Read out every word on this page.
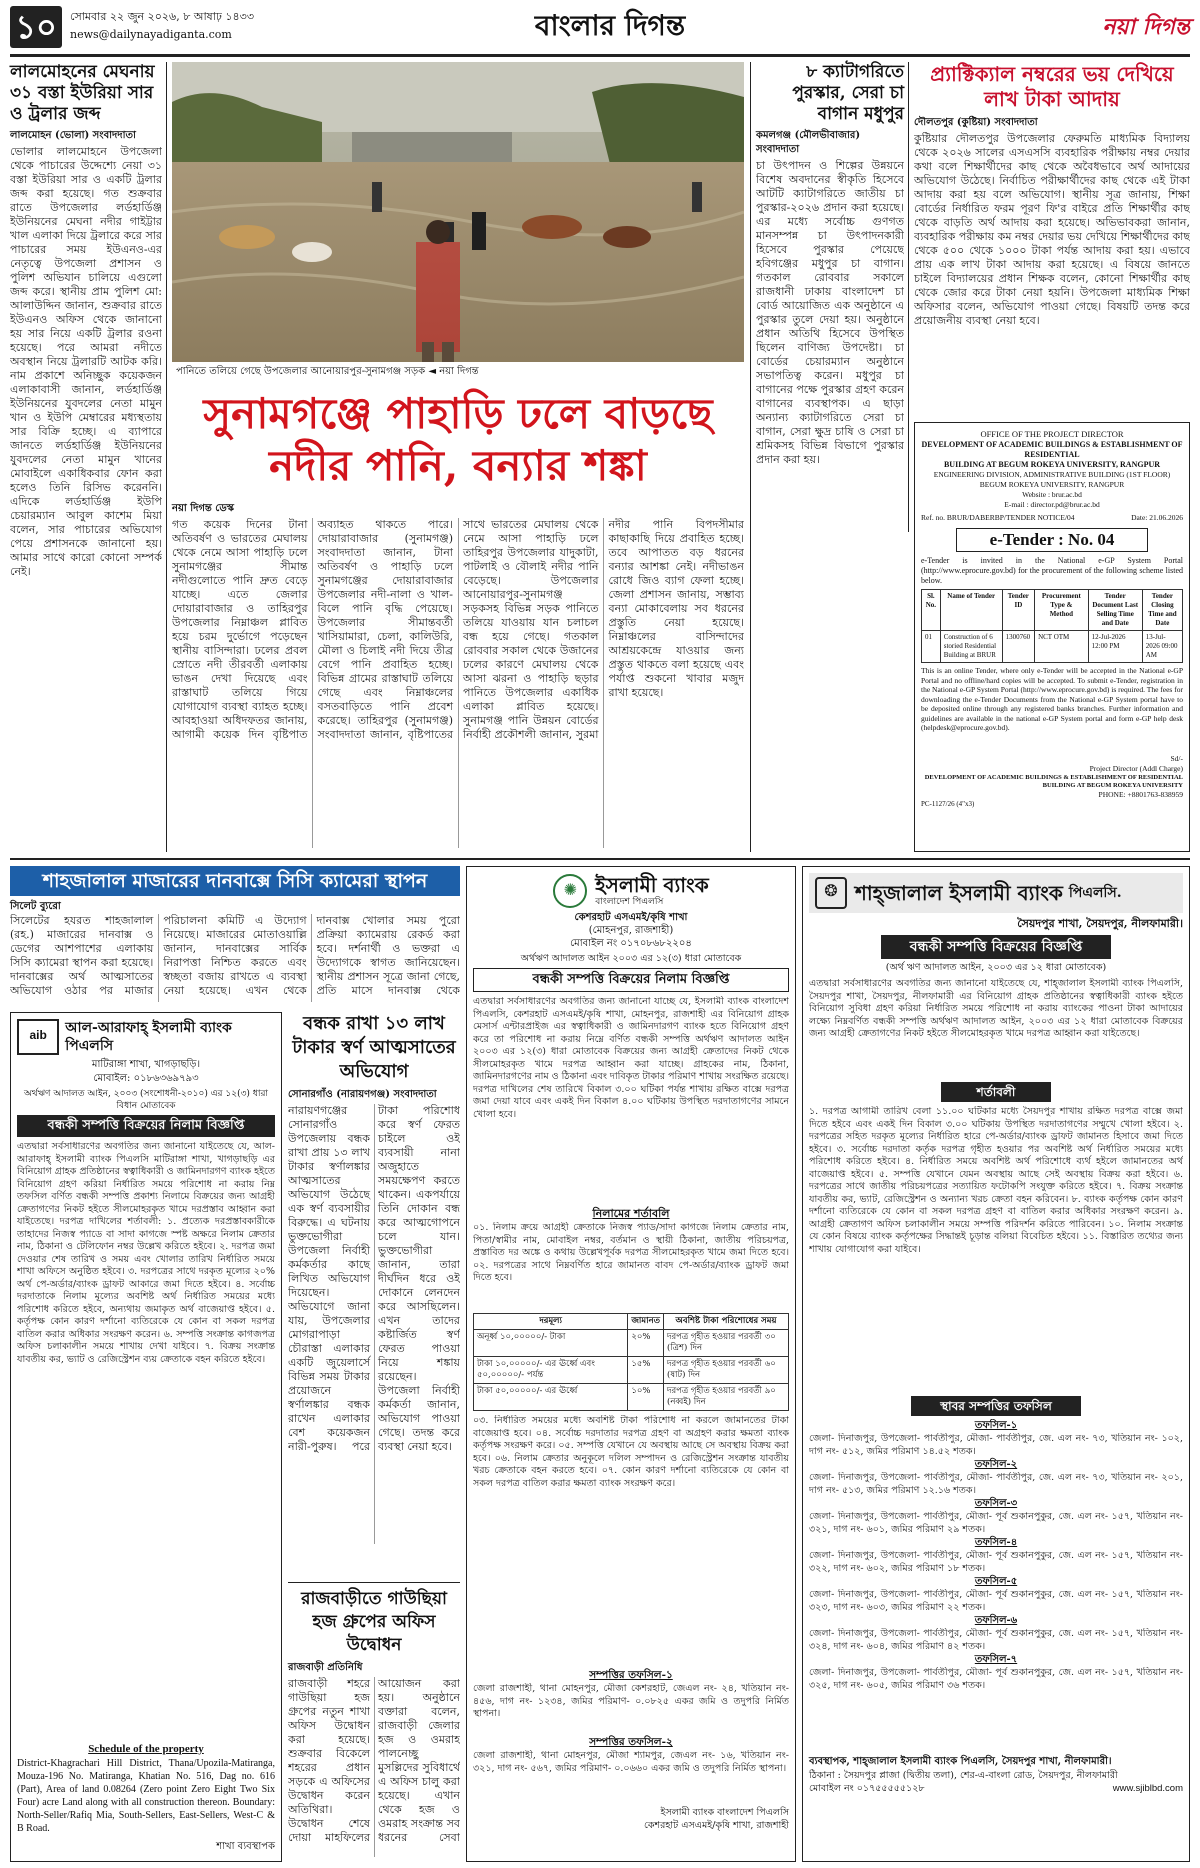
১০	সোমবার ২২ জুন ২০২৬, ৮ আষাঢ় ১৪৩৩
news@dailynayadiganta.com	বাংলার দিগন্ত	নয়া দিগন্ত
লালমোহনের মেঘনায় ৩১ বস্তা ইউরিয়া সার ও ট্রলার জব্দ
লালমোহন (ভোলা) সংবাদদাতা
ভোলার লালমোহনে উপজেলা থেকে পাচারের উদ্দেশ্যে নেয়া ৩১ বস্তা ইউরিয়া সার ও একটি ট্রলার জব্দ করা হয়েছে। গত শুক্রবার রাতে উপজেলার লর্ডহার্ডিঞ্জ ইউনিয়নের মেঘনা নদীর গাইট্টার খাল এলাকা দিয়ে ট্রলারে করে সার পাচারের সময় ইউএনও-এর নেতৃত্বে উপজেলা প্রশাসন ও পুলিশ অভিযান চালিয়ে এগুলো জব্দ করে। স্থানীয় প্রাম পুলিশ মো: আলাউদ্দিন জানান, শুক্রবার রাতে ইউএনও অফিস থেকে জানানো হয় সার নিয়ে একটি ট্রলার রওনা হয়েছে। পরে আমরা নদীতে অবস্থান নিয়ে ট্রলারটি আটক করি। নাম প্রকাশে অনিচ্ছুক কয়েকজন এলাকাবাসী জানান, লর্ডহার্ডিঞ্জ ইউনিয়নের যুবদলের নেতা মামুন খান ও ইউপি মেম্বারের মধ্যস্থতায় সার বিক্রি হচ্ছে। এ ব্যাপারে জানতে লর্ডহার্ডিঞ্জ ইউনিয়নের যুবদলের নেতা মামুন খানের মোবাইলে একাধিকবার ফোন করা হলেও তিনি রিসিভ করেননি। এদিকে লর্ডহার্ডিঞ্জ ইউপি চেয়ারম্যান আবুল কাশেম মিয়া বলেন, সার পাচারের অভিযোগ পেয়ে প্রশাসনকে জানানো হয়। আমার সাথে কারো কোনো সম্পর্ক নেই।
পানিতে তলিয়ে গেছে উপজেলার আনোয়ারপুর-সুনামগঞ্জ সড়ক ◄ নয়া দিগন্ত
সুনামগঞ্জে পাহাড়ি ঢলে বাড়ছে
নদীর পানি, বন্যার শঙ্কা
নয়া দিগন্ত ডেস্ক
গত কয়েক দিনের টানা অতিবর্ষণ ও ভারতের মেঘালয় থেকে নেমে আসা পাহাড়ি ঢলে সুনামগঞ্জের সীমান্ত নদীগুলোতে পানি দ্রুত বেড়ে যাচ্ছে। এতে জেলার দোয়ারাবাজার ও তাহিরপুর উপজেলার নিম্নাঞ্চল প্লাবিত হয়ে চরম দুর্ভোগে পড়েছেন স্থানীয় বাসিন্দারা। ঢলের প্রবল স্রোতে নদী তীরবর্তী এলাকায় ভাঙন দেখা দিয়েছে এবং রাস্তাঘাট তলিয়ে গিয়ে যোগাযোগ ব্যবস্থা ব্যাহত হচ্ছে। আবহাওয়া অধিদফতর জানায়, আগামী কয়েক দিন বৃষ্টিপাত অব্যাহত থাকতে পারে। দোয়ারাবাজার (সুনামগঞ্জ) সংবাদদাতা জানান, টানা অতিবর্ষণ ও পাহাড়ি ঢলে সুনামগঞ্জের দোয়ারাবাজার উপজেলার নদী-নালা ও খাল-বিলে পানি বৃদ্ধি পেয়েছে। উপজেলার সীমান্তবর্তী খাসিয়ামারা, চেলা, কালিউরি, মৌলা ও চিলাই নদী দিয়ে তীব্র বেগে পানি প্রবাহিত হচ্ছে। বিভিন্ন গ্রামের রাস্তাঘাট তলিয়ে গেছে এবং নিম্নাঞ্চলের বসতবাড়িতে পানি প্রবেশ করেছে। তাহিরপুর (সুনামগঞ্জ) সংবাদদাতা জানান, বৃষ্টিপাতের সাথে ভারতের মেঘালয় থেকে নেমে আসা পাহাড়ি ঢলে তাহিরপুর উপজেলার যাদুকাটা, পাটলাই ও বৌলাই নদীর পানি বেড়েছে। উপজেলার আনোয়ারপুর-সুনামগঞ্জ সড়কসহ বিভিন্ন সড়ক পানিতে তলিয়ে যাওয়ায় যান চলাচল বন্ধ হয়ে গেছে। গতকাল রোববার সকাল থেকে উজানের ঢলের কারণে মেঘালয় থেকে আসা ঝরনা ও পাহাড়ি ছড়ার পানিতে উপজেলার একাধিক এলাকা প্লাবিত হয়েছে। সুনামগঞ্জ পানি উন্নয়ন বোর্ডের নির্বাহী প্রকৌশলী জানান, সুরমা নদীর পানি বিপদসীমার কাছাকাছি দিয়ে প্রবাহিত হচ্ছে। তবে আপাতত বড় ধরনের বন্যার আশঙ্কা নেই। নদীভাঙন রোধে জিও ব্যাগ ফেলা হচ্ছে। জেলা প্রশাসন জানায়, সম্ভাব্য বন্যা মোকাবেলায় সব ধরনের প্রস্তুতি নেয়া হয়েছে। নিম্নাঞ্চলের বাসিন্দাদের আশ্রয়কেন্দ্রে যাওয়ার জন্য প্রস্তুত থাকতে বলা হয়েছে এবং পর্যাপ্ত শুকনো খাবার মজুদ রাখা হয়েছে।
৮ ক্যাটাগরিতে পুরস্কার, সেরা চা বাগান মধুপুর
কমলগঞ্জ (মৌলভীবাজার) সংবাদদাতা
চা উৎপাদন ও শিল্পের উন্নয়নে বিশেষ অবদানের স্বীকৃতি হিসেবে আটটি ক্যাটাগরিতে জাতীয় চা পুরস্কার-২০২৬ প্রদান করা হয়েছে। এর মধ্যে সর্বোচ্চ গুণগত মানসম্পন্ন চা উৎপাদনকারী হিসেবে পুরস্কার পেয়েছে হবিগঞ্জের মধুপুর চা বাগান। গতকাল রোববার সকালে রাজধানী ঢাকায় বাংলাদেশ চা বোর্ড আয়োজিত এক অনুষ্ঠানে এ পুরস্কার তুলে দেয়া হয়। অনুষ্ঠানে প্রধান অতিথি হিসেবে উপস্থিত ছিলেন বাণিজ্য উপদেষ্টা। চা বোর্ডের চেয়ারম্যান অনুষ্ঠানে সভাপতিত্ব করেন। মধুপুর চা বাগানের পক্ষে পুরস্কার গ্রহণ করেন বাগানের ব্যবস্থাপক। এ ছাড়া অন্যান্য ক্যাটাগরিতে সেরা চা বাগান, সেরা ক্ষুদ্র চাষি ও সেরা চা শ্রমিকসহ বিভিন্ন বিভাগে পুরস্কার প্রদান করা হয়।
প্র্যাক্টিক্যাল নম্বরের ভয় দেখিয়ে লাখ টাকা আদায়
দৌলতপুর (কুষ্টিয়া) সংবাদদাতা
কুষ্টিয়ার দৌলতপুর উপজেলার ফেরুমতি মাধ্যমিক বিদ্যালয় থেকে ২০২৬ সালের এসএসসি ব্যবহারিক পরীক্ষায় নম্বর দেয়ার কথা বলে শিক্ষার্থীদের কাছ থেকে অবৈধভাবে অর্থ আদায়ের অভিযোগ উঠেছে। নির্বাচিত পরীক্ষার্থীদের কাছ থেকে এই টাকা আদায় করা হয় বলে অভিযোগ। স্থানীয় সূত্র জানায়, শিক্ষা বোর্ডের নির্ধারিত ফরম পূরণ ফি'র বাইরে প্রতি শিক্ষার্থীর কাছ থেকে বাড়তি অর্থ আদায় করা হয়েছে। অভিভাবকরা জানান, ব্যবহারিক পরীক্ষায় কম নম্বর দেয়ার ভয় দেখিয়ে শিক্ষার্থীদের কাছ থেকে ৫০০ থেকে ১০০০ টাকা পর্যন্ত আদায় করা হয়। এভাবে প্রায় এক লাখ টাকা আদায় করা হয়েছে। এ বিষয়ে জানতে চাইলে বিদ্যালয়ের প্রধান শিক্ষক বলেন, কোনো শিক্ষার্থীর কাছ থেকে জোর করে টাকা নেয়া হয়নি। উপজেলা মাধ্যমিক শিক্ষা অফিসার বলেন, অভিযোগ পাওয়া গেছে। বিষয়টি তদন্ত করে প্রয়োজনীয় ব্যবস্থা নেয়া হবে।
OFFICE OF THE PROJECT DIRECTOR
DEVELOPMENT OF ACADEMIC BUILDINGS & ESTABLISHMENT OF RESIDENTIAL
BUILDING AT BEGUM ROKEYA UNIVERSITY, RANGPUR
ENGINEERING DIVISION, ADMINISTRATIVE BUILDING (1ST FLOOR)
BEGUM ROKEYA UNIVERSITY, RANGPUR
Website : brur.ac.bd
E-mail : director.pd@brur.ac.bd
Ref. no. BRUR/DABERBP/TENDER NOTICE/04	Date: 21.06.2026
e-Tender : No. 04
e-Tender is invited in the National e-GP System Portal (http://www.eprocure.gov.bd) for the procurement of the following scheme listed below.
Sl. No.	Name of Tender	Tender ID	Procurement Type & Method	Tender Document Last Selling Time and Date	Tender Closing Time and Date
01	Construction of 6 storied Residential Building at BRUR	1300760	NCT OTM	12-Jul-2026 12:00 PM	13-Jul-2026 09:00 AM
This is an online Tender, where only e-Tender will be accepted in the National e-GP Portal and no offline/hard copies will be accepted. To submit e-Tender, registration in the National e-GP System Portal (http://www.eprocure.gov.bd) is required. The fees for downloading the e-Tender Documents from the National e-GP System portal have to be deposited online through any registered banks branches. Further information and guidelines are available in the national e-GP System portal and form e-GP help desk (helpdesk@eprocure.gov.bd).
Sd/-
Project Director (Addl Charge)
DEVELOPMENT OF ACADEMIC BUILDINGS & ESTABLISHMENT OF RESIDENTIAL BUILDING AT BEGUM ROKEYA UNIVERSITY
PHONE: +880176З-838959
PC-1127/26 (4"x3)
শাহজালাল মাজারের দানবাক্সে সিসি ক্যামেরা স্থাপন
সিলেট ব্যুরো
সিলেটের হযরত শাহজালাল (রহ.) মাজারের দানবাক্স ও ডেগের আশপাশের এলাকায় সিসি ক্যামেরা স্থাপন করা হয়েছে। দানবাক্সের অর্থ আত্মসাতের অভিযোগ ওঠার পর মাজার পরিচালনা কমিটি এ উদ্যোগ নিয়েছে। মাজারের মোতাওয়াল্লি জানান, দানবাক্সের সার্বিক নিরাপত্তা নিশ্চিত করতে এবং স্বচ্ছতা বজায় রাখতে এ ব্যবস্থা নেয়া হয়েছে। এখন থেকে দানবাক্স খোলার সময় পুরো প্রক্রিয়া ক্যামেরায় রেকর্ড করা হবে। দর্শনার্থী ও ভক্তরা এ উদ্যোগকে স্বাগত জানিয়েছেন। স্থানীয় প্রশাসন সূত্রে জানা গেছে, প্রতি মাসে দানবাক্স থেকে
aib	আল-আরাফাহ্ ইসলামী ব্যাংক পিএলসি
মাটিরাঙ্গা শাখা, খাগড়াছড়ি।
মোবাইল: ০১৮৬৩৬৯৭৯৩
অর্থঋণ আদালত আইন, ২০০৩ (সংশোধনী-২০১০) এর ১২(৩) ধারা বিধান মোতাবেক
বন্ধকী সম্পত্তি বিক্রয়ের নিলাম বিজ্ঞপ্তি
এতদ্বারা সর্বসাধারণের অবগতির জন্য জানানো যাইতেছে যে, আল-আরাফাহ্ ইসলামী ব্যাংক পিএলসি মাটিরাঙ্গা শাখা, খাগড়াছড়ি এর বিনিয়োগ গ্রাহক প্রতিষ্ঠানের স্বত্বাধিকারী ও জামিনদারগণ ব্যাংক হইতে বিনিয়োগ গ্রহণ করিয়া নির্ধারিত সময়ে পরিশোধ না করায় নিম্ন তফসিল বর্ণিত বন্ধকী সম্পত্তি প্রকাশ্য নিলামে বিক্রয়ের জন্য আগ্রহী ক্রেতাগণের নিকট হইতে সীলমোহরকৃত খামে দরপ্রস্তাব আহ্বান করা যাইতেছে। দরপত্র দাখিলের শর্তাবলী: ১. প্রত্যেক দরপ্রস্তাবকারীকে তাহাদের নিজস্ব প্যাডে বা সাদা কাগজে স্পষ্ট অক্ষরে নিলাম ক্রেতার নাম, ঠিকানা ও টেলিফোন নম্বর উল্লেখ করিতে হইবে। ২. দরপত্র জমা দেওয়ার শেষ তারিখ ও সময় এবং খোলার তারিখ নির্ধারিত সময়ে শাখা অফিসে অনুষ্ঠিত হইবে। ৩. দরপত্রের সাথে দরকৃত মূল্যের ২০% অর্থ পে-অর্ডার/ব্যাংক ড্রাফট আকারে জমা দিতে হইবে। ৪. সর্বোচ্চ দরদাতাকে নিলাম মূল্যের অবশিষ্ট অর্থ নির্ধারিত সময়ের মধ্যে পরিশোধ করিতে হইবে, অন্যথায় জমাকৃত অর্থ বাজেয়াপ্ত হইবে। ৫. কর্তৃপক্ষ কোন কারণ দর্শানো ব্যতিরেকে যে কোন বা সকল দরপত্র বাতিল করার অধিকার সংরক্ষণ করেন। ৬. সম্পত্তি সংক্রান্ত কাগজপত্র অফিস চলাকালীন সময়ে শাখায় দেখা যাইবে। ৭. বিক্রয় সংক্রান্ত যাবতীয় কর, ভ্যাট ও রেজিস্ট্রেশন ব্যয় ক্রেতাকে বহন করিতে হইবে।
Schedule of the property
District-Khagrachari Hill District, Thana/Upozila-Matiranga, Mouza-196 No. Matiranga, Khatian No. 516, Dag no. 616 (Part), Area of land 0.08264 (Zero point Zero Eight Two Six Four) acre Land along with all construction thereon. Boundary: North-Seller/Rafiq Mia, South-Sellers, East-Sellers, West-C & B Road.
শাখা ব্যবস্থাপক
বন্ধক রাখা ১৩ লাখ টাকার স্বর্ণ আত্মসাতের অভিযোগ
সোনারগাঁও (নারায়ণগঞ্জ) সংবাদদাতা
নারায়ণগঞ্জের সোনারগাঁও উপজেলায় বন্ধক রাখা প্রায় ১৩ লাখ টাকার স্বর্ণালঙ্কার আত্মসাতের অভিযোগ উঠেছে এক স্বর্ণ ব্যবসায়ীর বিরুদ্ধে। এ ঘটনায় ভুক্তভোগীরা উপজেলা নির্বাহী কর্মকর্তার কাছে লিখিত অভিযোগ দিয়েছেন। অভিযোগে জানা যায়, উপজেলার মোগরাপাড়া চৌরাস্তা এলাকার একটি জুয়েলার্সে বিভিন্ন সময় টাকার প্রয়োজনে স্বর্ণালঙ্কার বন্ধক রাখেন এলাকার বেশ কয়েকজন নারী-পুরুষ। পরে টাকা পরিশোধ করে স্বর্ণ ফেরত চাইলে ওই ব্যবসায়ী নানা অজুহাতে সময়ক্ষেপণ করতে থাকেন। একপর্যায়ে তিনি দোকান বন্ধ করে আত্মগোপনে চলে যান। ভুক্তভোগীরা জানান, তারা দীর্ঘদিন ধরে ওই দোকানে লেনদেন করে আসছিলেন। এখন তাদের কষ্টার্জিত স্বর্ণ ফেরত পাওয়া নিয়ে শঙ্কায় রয়েছেন। উপজেলা নির্বাহী কর্মকর্তা জানান, অভিযোগ পাওয়া গেছে। তদন্ত করে ব্যবস্থা নেয়া হবে।
রাজবাড়ীতে গাউছিয়া হজ গ্রুপের অফিস উদ্বোধন
রাজবাড়ী প্রতিনিধি
রাজবাড়ী শহরে গাউছিয়া হজ গ্রুপের নতুন শাখা অফিস উদ্বোধন করা হয়েছে। শুক্রবার বিকেলে শহরের প্রধান সড়কে এ অফিসের উদ্বোধন করেন অতিথিরা। উদ্বোধন শেষে দোয়া মাহফিলের আয়োজন করা হয়। অনুষ্ঠানে বক্তারা বলেন, রাজবাড়ী জেলার হজ ও ওমরাহ পালনেচ্ছু মুসল্লিদের সুবিধার্থে এ অফিস চালু করা হয়েছে। এখান থেকে হজ ও ওমরাহ সংক্রান্ত সব ধরনের সেবা
✺ ইসলামী ব্যাংক
বাংলাদেশ পিএলসি
কেশরহাট এসএমই/কৃষি শাখা
(মোহনপুর, রাজশাহী)
মোবাইল নং ০১৭০৮৬৮২২০৪
অর্থঋণ আদালত আইন ২০০৩ এর ১২(৩) ধারা মোতাবেক
বন্ধকী সম্পত্তি বিক্রয়ের নিলাম বিজ্ঞপ্তি
এতদ্বারা সর্বসাধারণের অবগতির জন্য জানানো যাচ্ছে যে, ইসলামী ব্যাংক বাংলাদেশ পিএলসি, কেশরহাট এসএমই/কৃষি শাখা, মোহনপুর, রাজশাহী এর বিনিয়োগ গ্রাহক মেসার্স এন্টারপ্রাইজ এর স্বত্বাধিকারী ও জামিনদারগণ ব্যাংক হতে বিনিয়োগ গ্রহণ করে তা পরিশোধ না করায় নিম্নে বর্ণিত বন্ধকী সম্পত্তি অর্থঋণ আদালত আইন ২০০৩ এর ১২(৩) ধারা মোতাবেক বিক্রয়ের জন্য আগ্রহী ক্রেতাদের নিকট থেকে সীলমোহরকৃত খামে দরপত্র আহ্বান করা যাচ্ছে। গ্রাহকের নাম, ঠিকানা, জামিনদারগণের নাম ও ঠিকানা এবং দাবিকৃত টাকার পরিমাণ শাখায় সংরক্ষিত রয়েছে। দরপত্র দাখিলের শেষ তারিখে বিকাল ৩.০০ ঘটিকা পর্যন্ত শাখায় রক্ষিত বাক্সে দরপত্র জমা দেয়া যাবে এবং একই দিন বিকাল ৪.০০ ঘটিকায় উপস্থিত দরদাতাগণের সামনে খোলা হবে।
নিলামের শর্তাবলি
০১. নিলাম ক্রয়ে আগ্রহী ক্রেতাকে নিজস্ব প্যাড/সাদা কাগজে নিলাম ক্রেতার নাম, পিতা/স্বামীর নাম, মোবাইল নম্বর, বর্তমান ও স্থায়ী ঠিকানা, জাতীয় পরিচয়পত্র, প্রস্তাবিত দর অঙ্কে ও কথায় উল্লেখপূর্বক দরপত্র সীলমোহরকৃত খামে জমা দিতে হবে। ০২. দরপত্রের সাথে নিম্নবর্ণিত হারে জামানত বাবদ পে-অর্ডার/ব্যাংক ড্রাফট জমা দিতে হবে।
দরমূল্য	জামানত	অবশিষ্ট টাকা পরিশোধের সময়
অনূর্ধ্ব ১০,০০০০০/- টাকা	২০%	দরপত্র গৃহীত হওয়ার পরবর্তী ৩০ (ত্রিশ) দিন
টাকা ১০,০০০০০/- এর ঊর্ধ্বে এবং ৫০,০০০০০/- পর্যন্ত	১৫%	দরপত্র গৃহীত হওয়ার পরবর্তী ৬০ (ষাট) দিন
টাকা ৫০,০০০০০/- এর ঊর্ধ্বে	১০%	দরপত্র গৃহীত হওয়ার পরবর্তী ৯০ (নব্বই) দিন
০৩. নির্ধারিত সময়ের মধ্যে অবশিষ্ট টাকা পরিশোধ না করলে জামানতের টাকা বাজেয়াপ্ত হবে। ০৪. সর্বোচ্চ দরদাতার দরপত্র গ্রহণ বা অগ্রহণ করার ক্ষমতা ব্যাংক কর্তৃপক্ষ সংরক্ষণ করে। ০৫. সম্পত্তি যেখানে যে অবস্থায় আছে সে অবস্থায় বিক্রয় করা হবে। ০৬. নিলাম ক্রেতার অনুকূলে দলিল সম্পাদন ও রেজিস্ট্রেশন সংক্রান্ত যাবতীয় খরচ ক্রেতাকে বহন করতে হবে। ০৭. কোন কারণ দর্শানো ব্যতিরেকে যে কোন বা সকল দরপত্র বাতিল করার ক্ষমতা ব্যাংক সংরক্ষণ করে।
সম্পত্তির তফসিল-১
জেলা রাজশাহী, থানা মোহনপুর, মৌজা কেশরহাট, জেএল নং- ২৪, খতিয়ান নং- ৪৫৬, দাগ নং- ১২৩৪, জমির পরিমাণ- ০.০৮২৫ একর জমি ও তদুপরি নির্মিত স্থাপনা।
সম্পত্তির তফসিল-২
জেলা রাজশাহী, থানা মোহনপুর, মৌজা শ্যামপুর, জেএল নং- ১৬, খতিয়ান নং- ৩২১, দাগ নং- ৫৬৭, জমির পরিমাণ- ০.০৬৬০ একর জমি ও তদুপরি নির্মিত স্থাপনা।
ইসলামী ব্যাংক বাংলাদেশ পিএলসি
কেশরহাট এসএমই/কৃষি শাখা, রাজশাহী
❂ শাহ্জালাল ইসলামী ব্যাংক পিএলসি.
সৈয়দপুর শাখা, সৈয়দপুর, নীলফামারী।
বন্ধকী সম্পত্তি বিক্রয়ের বিজ্ঞপ্তি
(অর্থ ঋণ আদালত আইন, ২০০৩ এর ১২ ধারা মোতাবেক)
এতদ্বারা সর্বসাধারণের অবগতির জন্য জানানো যাইতেছে যে, শাহ্জালাল ইসলামী ব্যাংক পিএলসি, সৈয়দপুর শাখা, সৈয়দপুর, নীলফামারী এর বিনিয়োগ গ্রাহক প্রতিষ্ঠানের স্বত্বাধিকারী ব্যাংক হইতে বিনিয়োগ সুবিধা গ্রহণ করিয়া নির্ধারিত সময়ে পরিশোধ না করায় ব্যাংকের পাওনা টাকা আদায়ের লক্ষ্যে নিম্নবর্ণিত বন্ধকী সম্পত্তি অর্থঋণ আদালত আইন, ২০০৩ এর ১২ ধারা মোতাবেক বিক্রয়ের জন্য আগ্রহী ক্রেতাগণের নিকট হইতে সীলমোহরকৃত খামে দরপত্র আহ্বান করা যাইতেছে।
শর্তাবলী
১. দরপত্র আগামী তারিখ বেলা ১১.০০ ঘটিকার মধ্যে সৈয়দপুর শাখায় রক্ষিত দরপত্র বাক্সে জমা দিতে হইবে এবং একই দিন বিকাল ৩.০০ ঘটিকায় উপস্থিত দরদাতাগণের সম্মুখে খোলা হইবে। ২. দরপত্রের সহিত দরকৃত মূল্যের নির্ধারিত হারে পে-অর্ডার/ব্যাংক ড্রাফট জামানত হিসাবে জমা দিতে হইবে। ৩. সর্বোচ্চ দরদাতা কর্তৃক দরপত্র গৃহীত হওয়ার পর অবশিষ্ট অর্থ নির্ধারিত সময়ের মধ্যে পরিশোধ করিতে হইবে। ৪. নির্ধারিত সময়ে অবশিষ্ট অর্থ পরিশোধে ব্যর্থ হইলে জামানতের অর্থ বাজেয়াপ্ত হইবে। ৫. সম্পত্তি যেখানে যেমন অবস্থায় আছে সেই অবস্থায় বিক্রয় করা হইবে। ৬. দরপত্রের সাথে জাতীয় পরিচয়পত্রের সত্যায়িত ফটোকপি সংযুক্ত করিতে হইবে। ৭. বিক্রয় সংক্রান্ত যাবতীয় কর, ভ্যাট, রেজিস্ট্রেশন ও অন্যান্য খরচ ক্রেতা বহন করিবেন। ৮. ব্যাংক কর্তৃপক্ষ কোন কারণ দর্শানো ব্যতিরেকে যে কোন বা সকল দরপত্র গ্রহণ বা বাতিল করার অধিকার সংরক্ষণ করেন। ৯. আগ্রহী ক্রেতাগণ অফিস চলাকালীন সময়ে সম্পত্তি পরিদর্শন করিতে পারিবেন। ১০. নিলাম সংক্রান্ত যে কোন বিষয়ে ব্যাংক কর্তৃপক্ষের সিদ্ধান্তই চূড়ান্ত বলিয়া বিবেচিত হইবে। ১১. বিস্তারিত তথ্যের জন্য শাখায় যোগাযোগ করা যাইবে।
স্থাবর সম্পত্তির তফসিল
তফসিল-১
জেলা- দিনাজপুর, উপজেলা- পার্বতীপুর, মৌজা- পার্বতীপুর, জে. এল নং- ৭৩, খতিয়ান নং- ১০২, দাগ নং- ৫১২, জমির পরিমাণ ১৪.৫২ শতক।
তফসিল-২
জেলা- দিনাজপুর, উপজেলা- পার্বতীপুর, মৌজা- পার্বতীপুর, জে. এল নং- ৭৩, খতিয়ান নং- ২০১, দাগ নং- ৫১৩, জমির পরিমাণ ১২.১৬ শতক।
তফসিল-৩
জেলা- দিনাজপুর, উপজেলা- পার্বতীপুর, মৌজা- পূর্ব শুকানপুকুর, জে. এল নং- ১৫৭, খতিয়ান নং- ৩২১, দাগ নং- ৬০১, জমির পরিমাণ ২৯ শতক।
তফসিল-৪
জেলা- দিনাজপুর, উপজেলা- পার্বতীপুর, মৌজা- পূর্ব শুকানপুকুর, জে. এল নং- ১৫৭, খতিয়ান নং- ৩২২, দাগ নং- ৬০২, জমির পরিমাণ ১৮ শতক।
তফসিল-৫
জেলা- দিনাজপুর, উপজেলা- পার্বতীপুর, মৌজা- পূর্ব শুকানপুকুর, জে. এল নং- ১৫৭, খতিয়ান নং- ৩২৩, দাগ নং- ৬০৩, জমির পরিমাণ ২২ শতক।
তফসিল-৬
জেলা- দিনাজপুর, উপজেলা- পার্বতীপুর, মৌজা- পূর্ব শুকানপুকুর, জে. এল নং- ১৫৭, খতিয়ান নং- ৩২৪, দাগ নং- ৬০৪, জমির পরিমাণ ৪২ শতক।
তফসিল-৭
জেলা- দিনাজপুর, উপজেলা- পার্বতীপুর, মৌজা- পূর্ব শুকানপুকুর, জে. এল নং- ১৫৭, খতিয়ান নং- ৩২৫, দাগ নং- ৬০৫, জমির পরিমাণ ৩৬ শতক।
ব্যবস্থাপক, শাহ্জালাল ইসলামী ব্যাংক পিএলসি, সৈয়দপুর শাখা, নীলফামারী।
ঠিকানা : সৈয়দপুর প্লাজা (দ্বিতীয় তলা), শের-এ-বাংলা রোড, সৈয়দপুর, নীলফামারী
মোবাইল নং ০১৭৫৫৫৫৫১২৮	www.sjiblbd.com
